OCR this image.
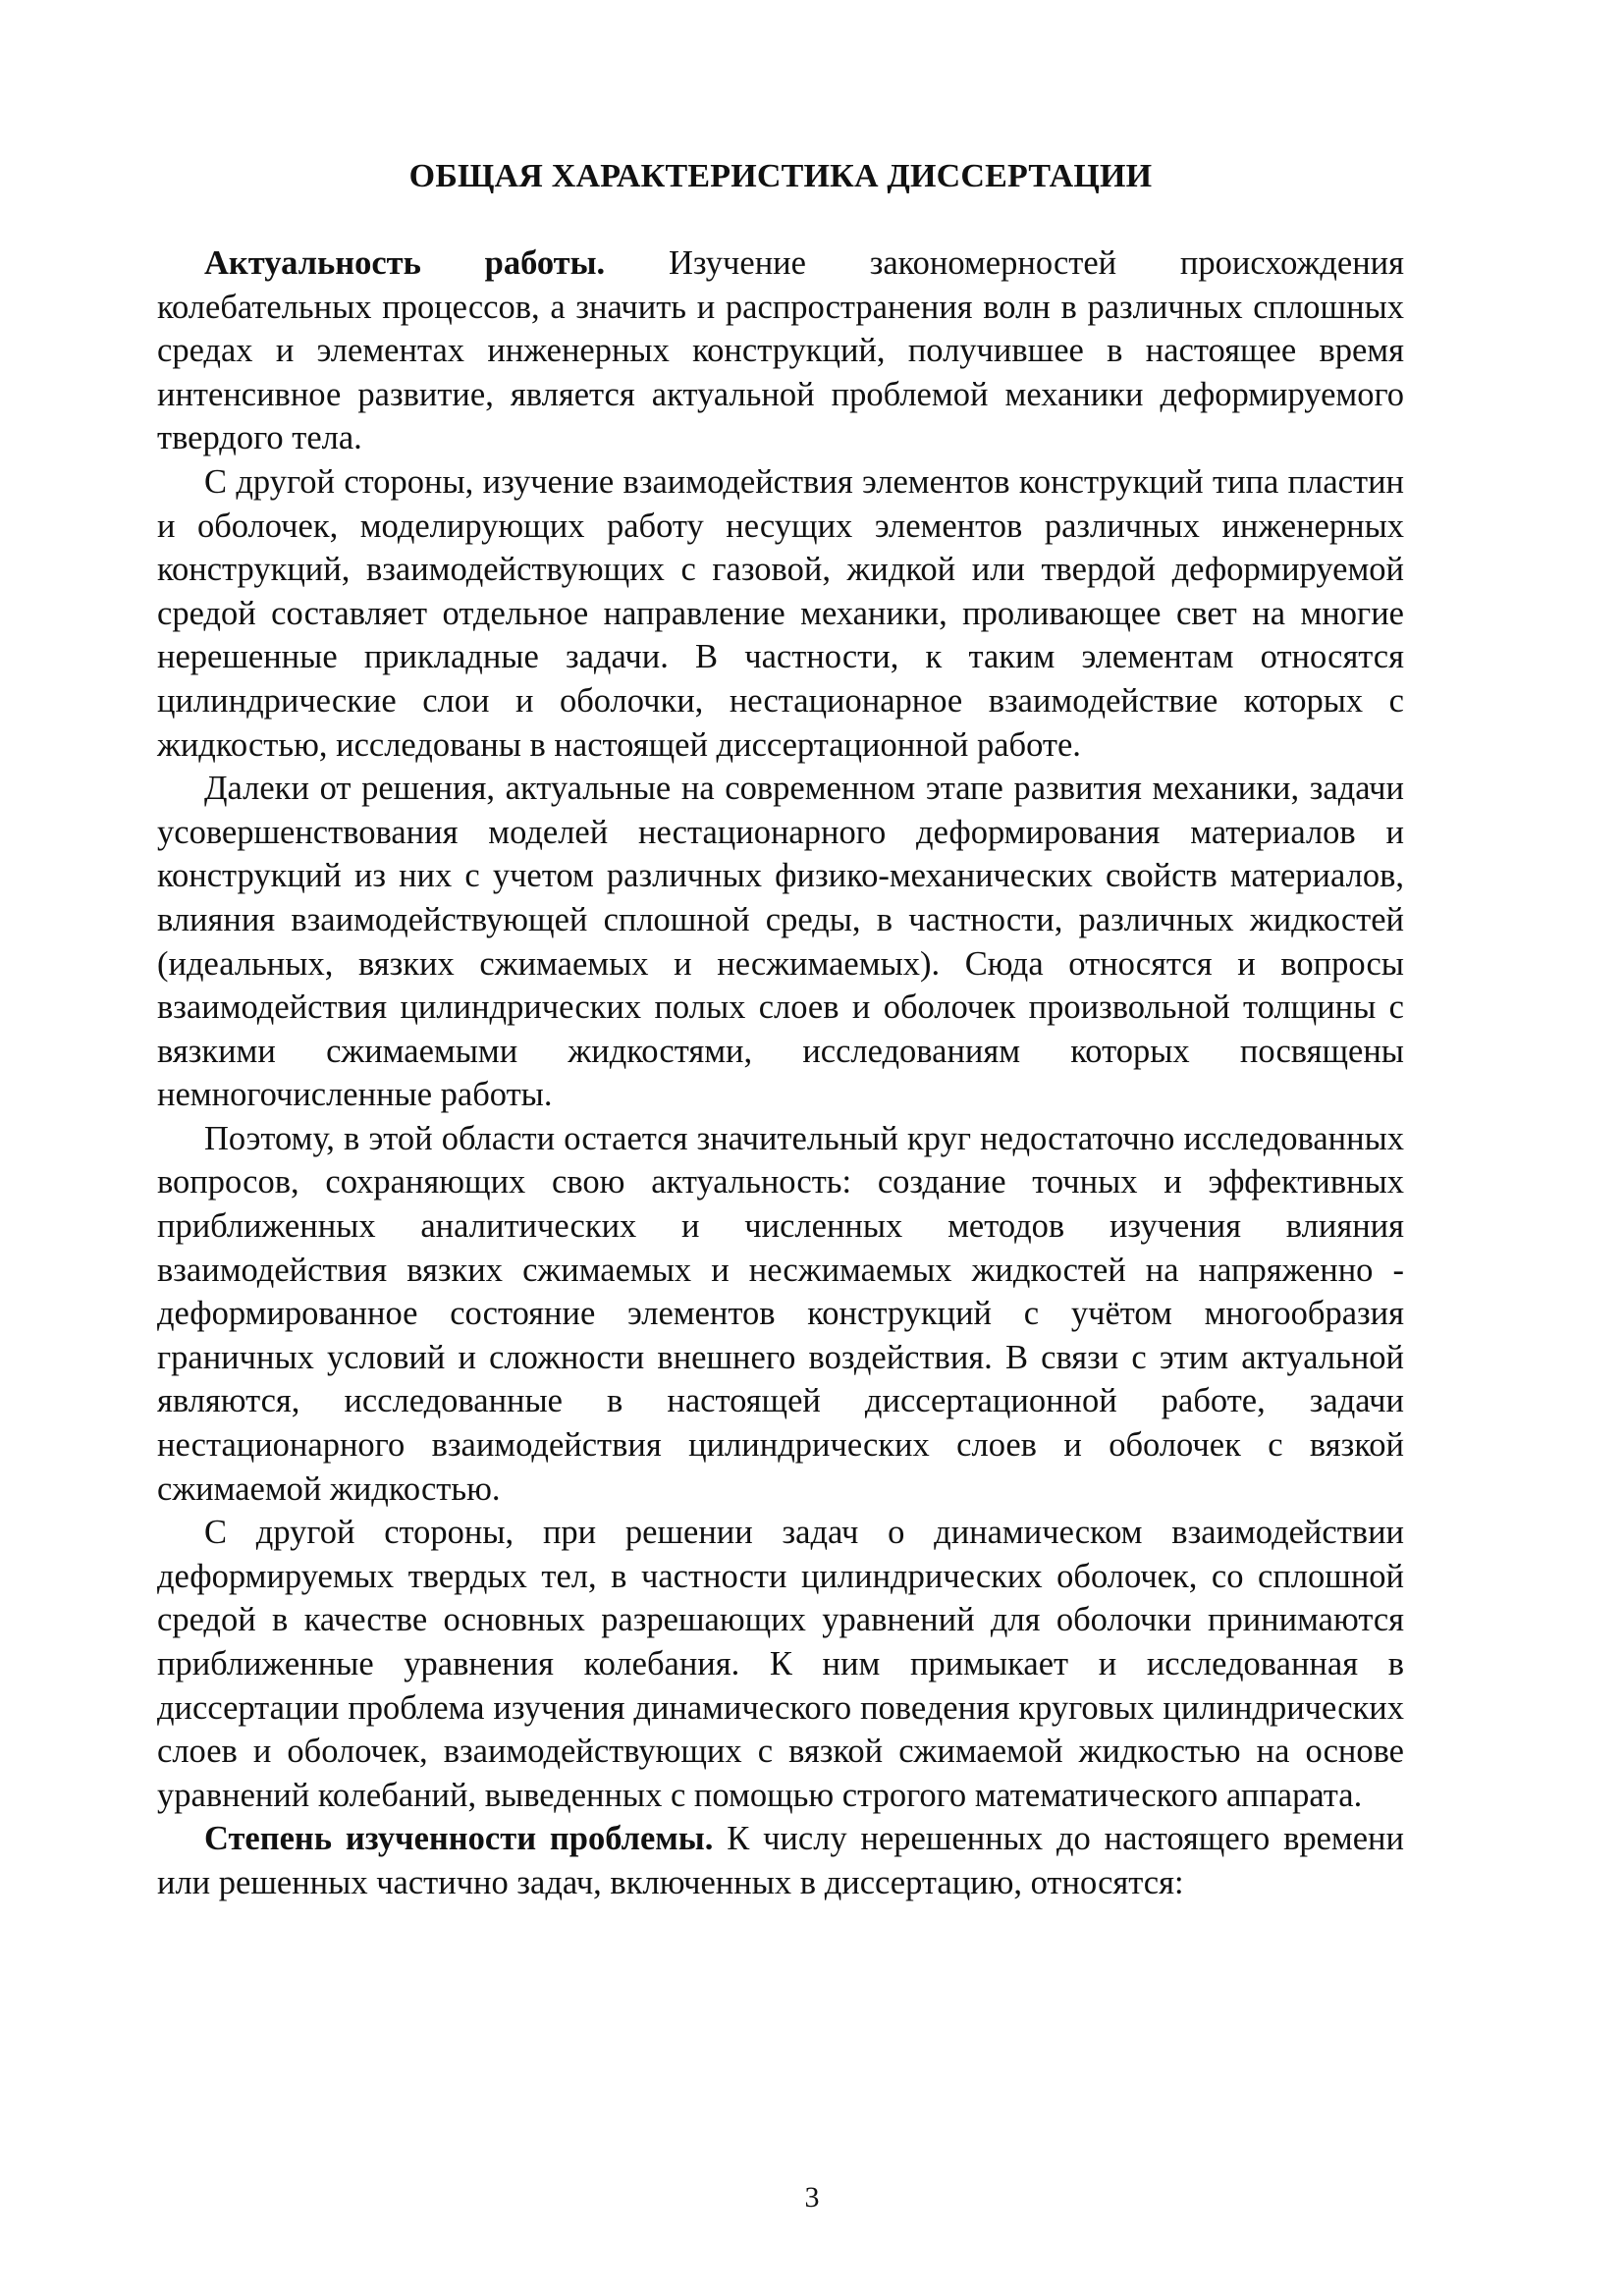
ОБЩАЯ ХАРАКТЕРИСТИКА ДИССЕРТАЦИИ

Актуальность работы. Изучение закономерностей происхождения колебательных процессов, а значить и распространения волн в различных сплошных средах и элементах инженерных конструкций, получившее в настоящее время интенсивное развитие, является актуальной проблемой механики деформируемого твердого тела.

С другой стороны, изучение взаимодействия элементов конструкций типа пластин и оболочек, моделирующих работу несущих элементов различных инженерных конструкций, взаимодействующих с газовой, жидкой или твердой деформируемой средой составляет отдельное направление механики, проливающее свет на многие нерешенные прикладные задачи. В частности, к таким элементам относятся цилиндрические слои и оболочки, нестационарное взаимодействие которых с жидкостью, исследованы в настоящей диссертационной работе.

Далеки от решения, актуальные на современном этапе развития механики, задачи усовершенствования моделей нестационарного деформирования материалов и конструкций из них с учетом различных физико-механических свойств материалов, влияния взаимодействующей сплошной среды, в частности, различных жидкостей (идеальных, вязких сжимаемых и несжимаемых). Сюда относятся и вопросы взаимодействия цилиндрических полых слоев и оболочек произвольной толщины с вязкими сжимаемыми жидкостями, исследованиям которых посвящены немногочисленные работы.

Поэтому, в этой области остается значительный круг недостаточно исследованных вопросов, сохраняющих свою актуальность: создание точных и эффективных приближенных аналитических и численных методов изучения влияния взаимодействия вязких сжимаемых и несжимаемых жидкостей на напряженно - деформированное состояние элементов конструкций с учётом многообразия граничных условий и сложности внешнего воздействия. В связи с этим актуальной являются, исследованные в настоящей диссертационной работе, задачи нестационарного взаимодействия цилиндрических слоев и оболочек с вязкой сжимаемой жидкостью.

С другой стороны, при решении задач о динамическом взаимодействии деформируемых твердых тел, в частности цилиндрических оболочек, со сплошной средой в качестве основных разрешающих уравнений для оболочки принимаются приближенные уравнения колебания. К ним примыкает и исследованная в диссертации проблема изучения динамического поведения круговых цилиндрических слоев и оболочек, взаимодействующих с вязкой сжимаемой жидкостью на основе уравнений колебаний, выведенных с помощью строгого математического аппарата.

Степень изученности проблемы. К числу нерешенных до настоящего времени или решенных частично задач, включенных в диссертацию, относятся:

3
